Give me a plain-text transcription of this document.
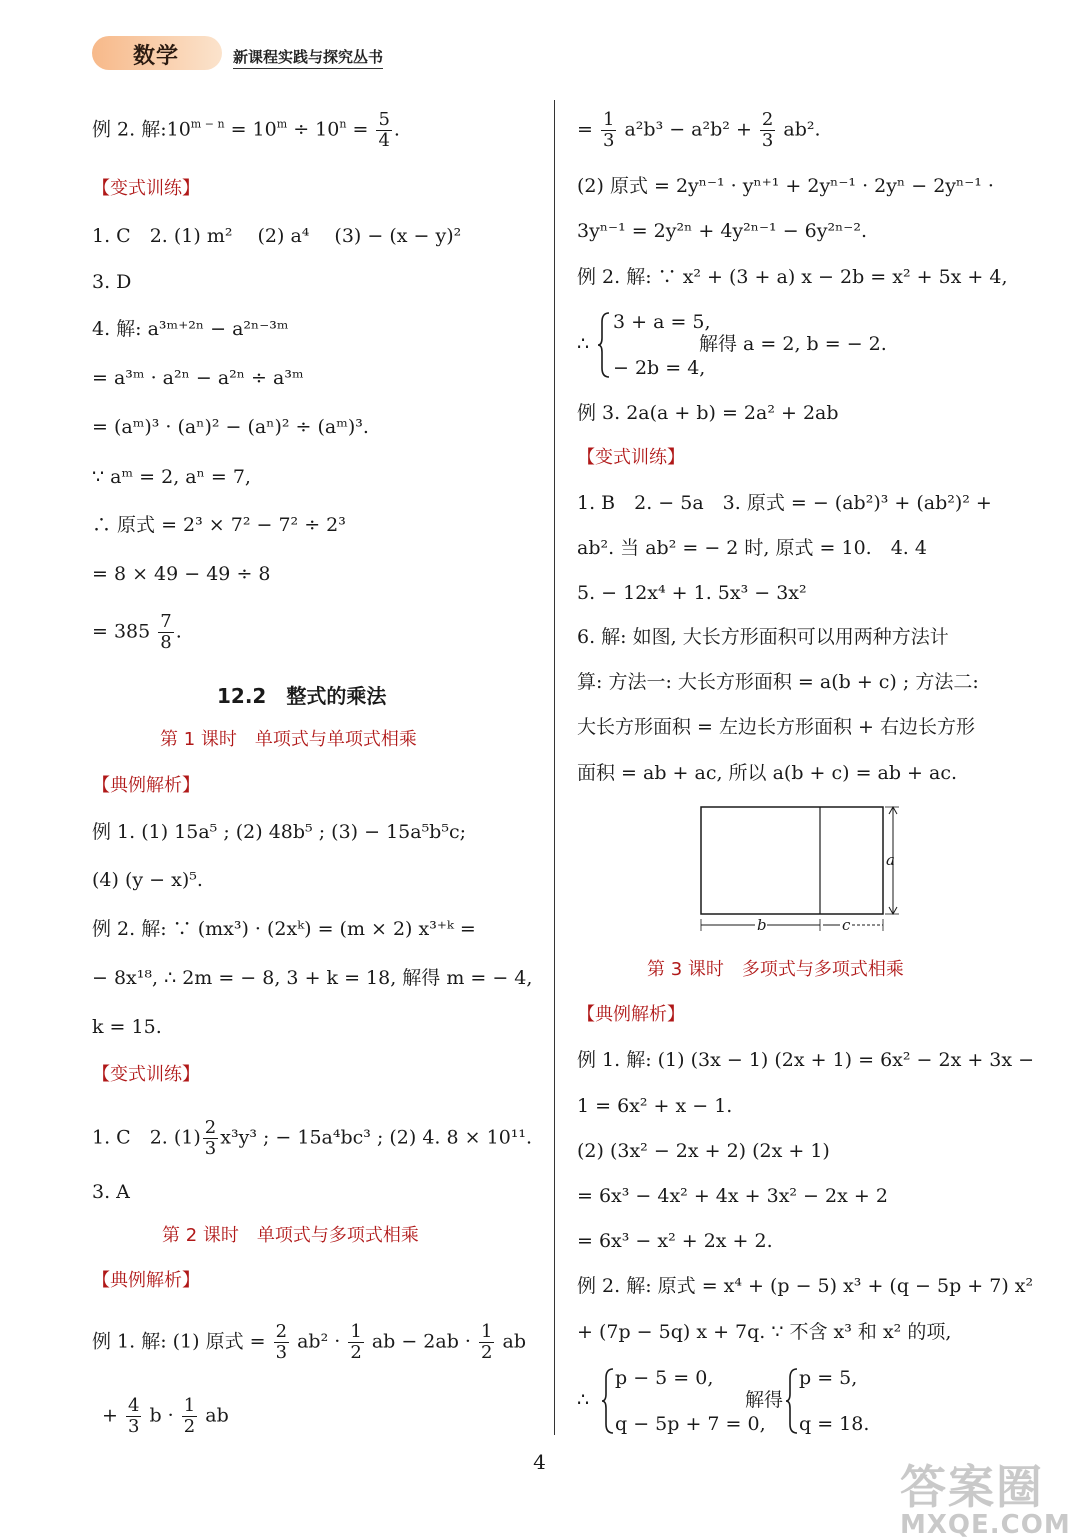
数学	新课程实践与探究丛书
例 2. 解$:10^{m - n} = 10^m \div 10^n = \frac{5}{4}$ .
【变式训练】
1. C　2. (1) m² 　(2) a⁴ 　(3) − (x − y)²
3. D
4. 解: a³ᵐ⁺²ⁿ − a²ⁿ⁻³ᵐ
= a³ᵐ · a²ⁿ − a²ⁿ ÷ a³ᵐ
= (aᵐ)³ · (aⁿ)² − (aⁿ)² ÷ (aᵐ)³.
∵ aᵐ = 2, aⁿ = 7,
∴ 原式 = 2³ × 7² − 7² ÷ 2³
= 8 × 49 − 49 ÷ 8
= $385 \frac{7}{8}$ .
12.2　整式的乘法
第 1 课时　单项式与单项式相乘
【典例解析】
例 1. (1) 15a⁵ ; (2) 48b⁵ ; (3) − 15a⁵b⁵c;
(4) (y − x)⁵.
例 2. 解: ∵ (mx³) · (2xᵏ) = (m × 2) x³⁺ᵏ =
− 8x¹⁸, ∴ 2m = − 8, 3 + k = 18, 解得 m = − 4,
k = 15.
【变式训练】
1. C　2. $(1) \frac{2}{3} x^3y^3$ ; − 15a⁴bc³ ; (2) 4. 8 × 10¹¹.
3. A
第 2 课时　单项式与多项式相乘
【典例解析】
例 1. 解: (1) 原式 = $\frac{2}{3} ab^2 \cdot \frac{1}{2}$ ab − $2ab \cdot \frac{1}{2}$ ab
+ $\frac{4}{3}$ $b \cdot \frac{1}{2}$ ab
= $\frac{1}{3} a^2b^3 - a^2b^2 + \frac{2}{3} ab^2$.
(2) 原式 = 2yⁿ⁻¹ · yⁿ⁺¹ + 2yⁿ⁻¹ · 2yⁿ − 2yⁿ⁻¹ ·
3yⁿ⁻¹ = 2y²ⁿ + 4y²ⁿ⁻¹ − 6y²ⁿ⁻².
例 2. 解: ∵ x² + (3 + a) x − 2b = x² + 5x + 4,
∴
3 + a = 5,
− 2b = 4,
解得 a = 2, b = − 2.
例 3. 2a(a + b) = 2a² + 2ab
【变式训练】
1. B　2. − 5a　3. 原式 = − (ab²)³ + (ab²)² +
ab². 当 ab² = − 2 时, 原式 = 10.　4. 4
5. − 12x⁴ + 1. 5x³ − 3x²
6. 解: 如图, 大长方形面积可以用两种方法计
算: 方法一: 大长方形面积 = a(b + c) ; 方法二:
大长方形面积 = 左边长方形面积 + 右边长方形
面积 = ab + ac, 所以 a(b + c) = ab + ac.
a
b	c
第 3 课时　多项式与多项式相乘
【典例解析】
例 1. 解: (1) (3x − 1) (2x + 1) = 6x² − 2x + 3x −
1 = 6x² + x − 1.
(2) (3x² − 2x + 2) (2x + 1)
= 6x³ − 4x² + 4x + 3x² − 2x + 2
= 6x³ − x² + 2x + 2.
例 2. 解: 原式 = x⁴ + (p − 5) x³ + (q − 5p + 7) x²
+ (7p − 5q) x + 7q. ∵ 不含 x³ 和 x² 的项,
∴
p − 5 = 0,
q − 5p + 7 = 0,
解得
p = 5,
q = 18.
4	答案圈
MXQE.COM
